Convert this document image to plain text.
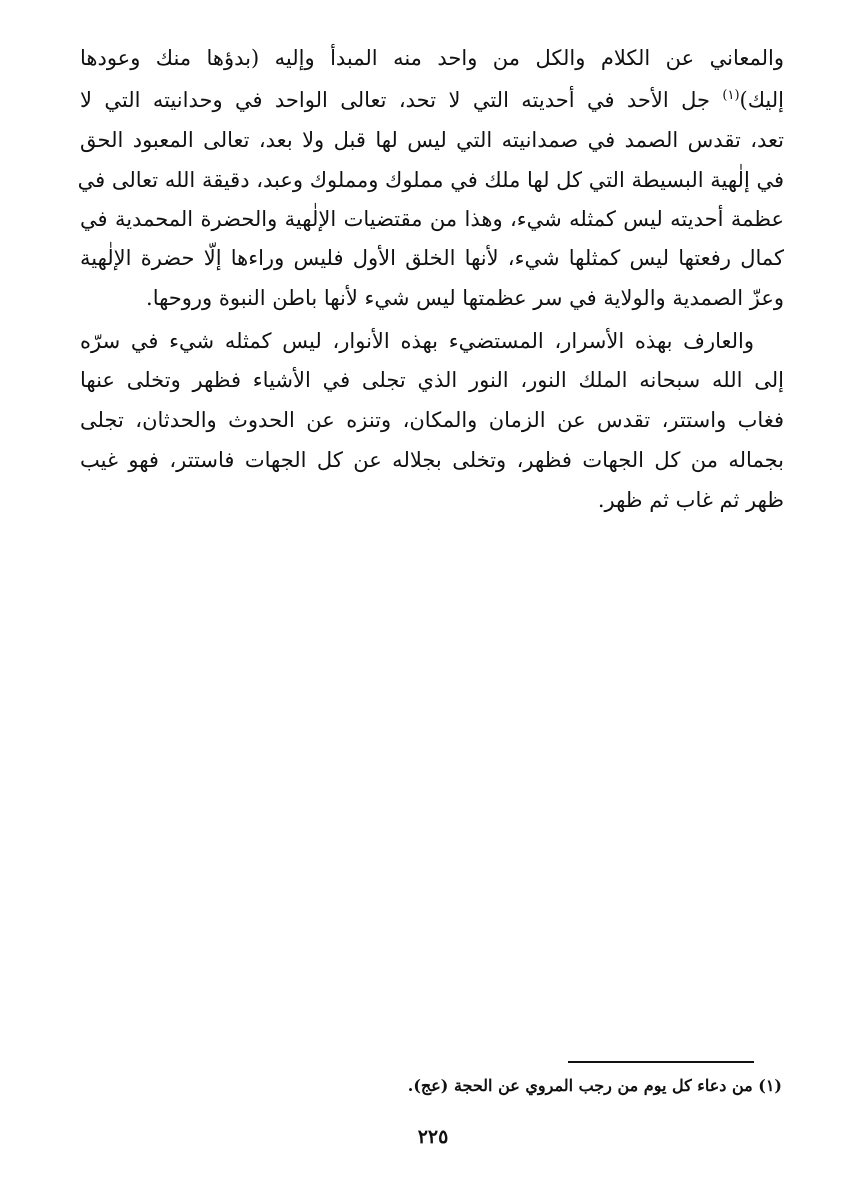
والمعاني عن الكلام والكل من واحد منه المبدأ وإليه (بدؤها منك وعودها
إليك)$^{(١)}$ جل الأحد في أحديته التي لا تحد، تعالى الواحد في وحدانيته التي لا
تعد، تقدس الصمد في صمدانيته التي ليس لها قبل ولا بعد، تعالى المعبود الحق
في إلٰهية البسيطة التي كل لها ملك في مملوك ومملوك وعبد، دقيقة الله تعالى في
عظمة أحديته ليس كمثله شيء، وهذا من مقتضيات الإلٰهية والحضرة المحمدية في
كمال رفعتها ليس كمثلها شيء، لأنها الخلق الأول فليس وراءها إلّا حضرة الإلٰهية
وعزّ الصمدية والولاية في سر عظمتها ليس شيء لأنها باطن النبوة وروحها.
والعارف بهذه الأسرار، المستضيء بهذه الأنوار، ليس كمثله شيء في سرّه
إلى الله سبحانه الملك النور، النور الذي تجلى في الأشياء فظهر وتخلى عنها
فغاب واستتر، تقدس عن الزمان والمكان، وتنزه عن الحدوث والحدثان، تجلى
بجماله من كل الجهات فظهر، وتخلى بجلاله عن كل الجهات فاستتر، فهو غيب
ظهر ثم غاب ثم ظهر.
(١) من دعاء كل يوم من رجب المروي عن الحجة (عج).
٢٢٥
